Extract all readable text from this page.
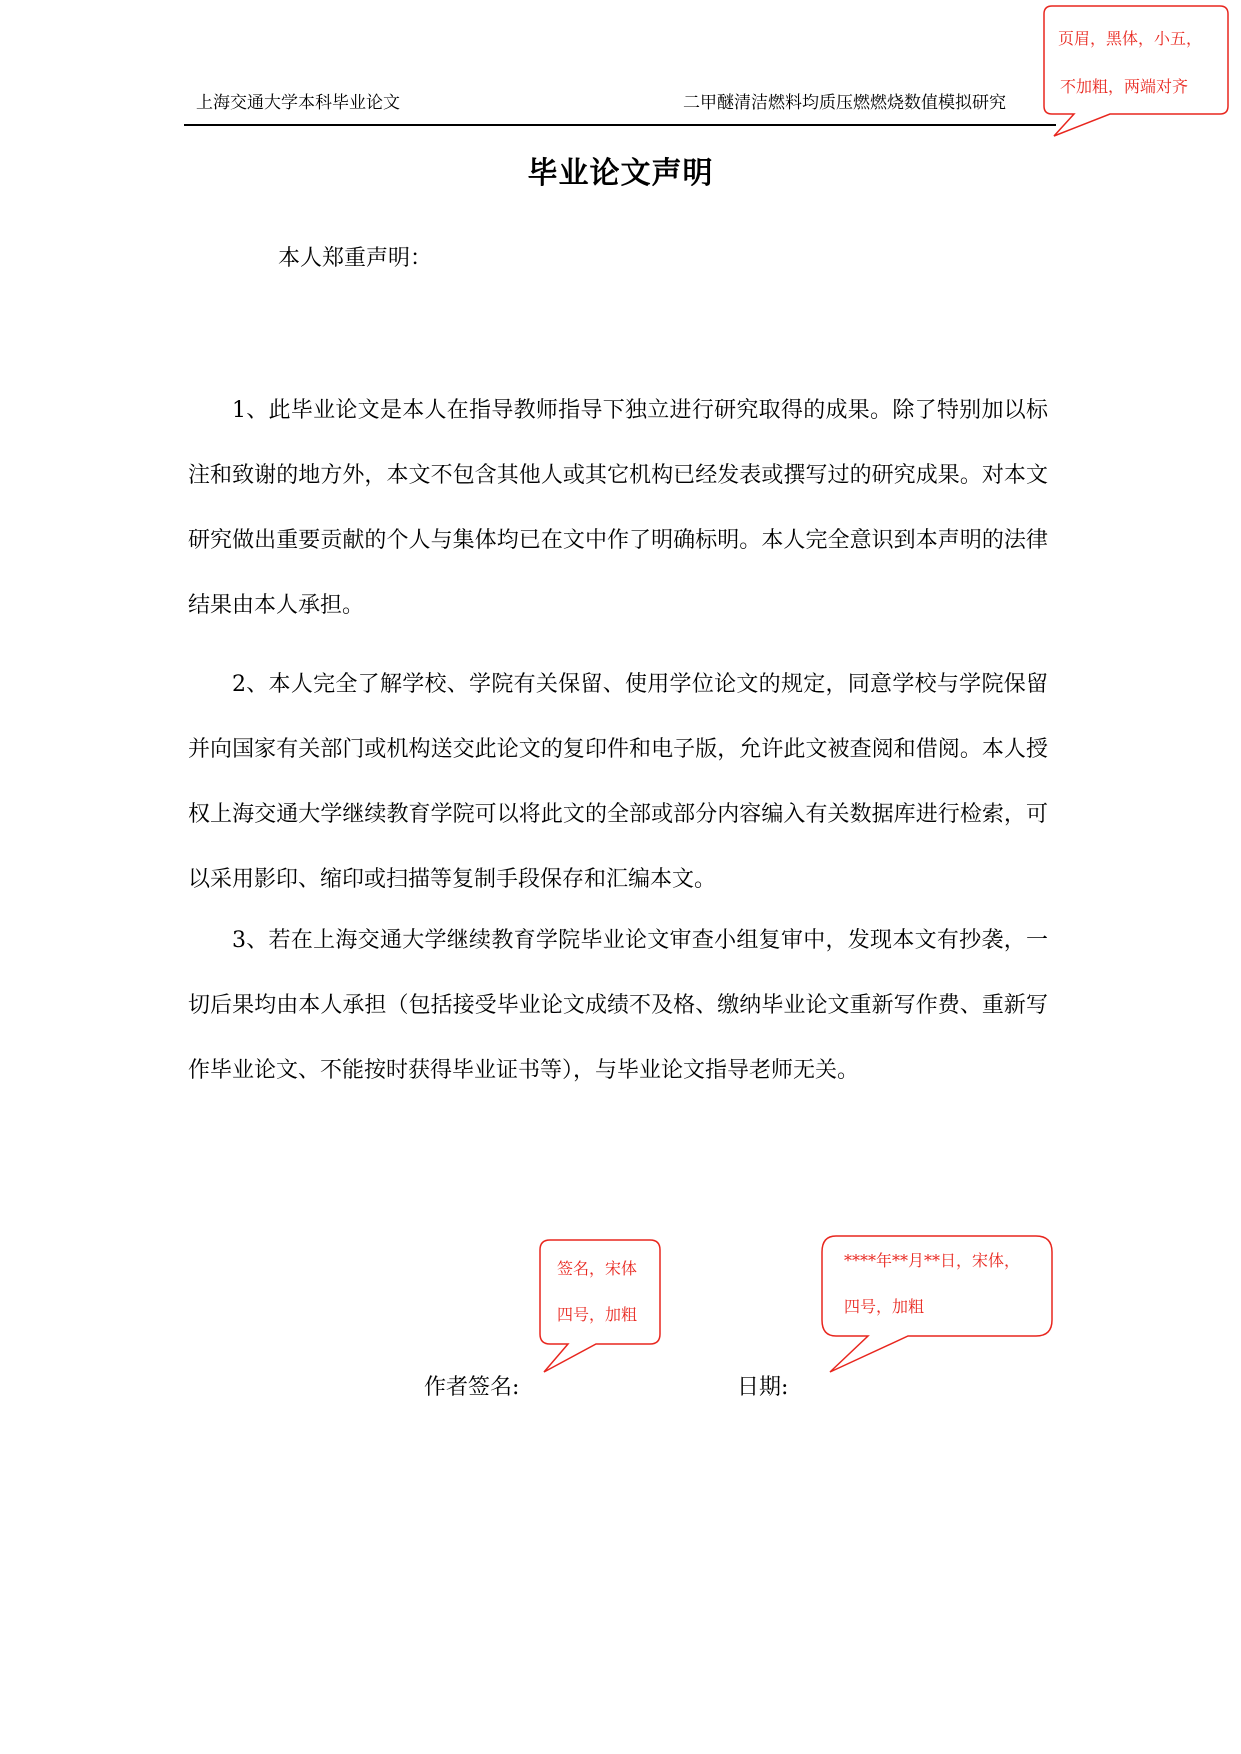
上海交通大学本科毕业论文	二甲醚清洁燃料均质压燃燃烧数值模拟研究
毕业论文声明
本人郑重声明：

1、此毕业论文是本人在指导教师指导下独立进行研究取得的成果。除了特别加以标注和致谢的地方外，本文不包含其他人或其它机构已经发表或撰写过的研究成果。对本文研究做出重要贡献的个人与集体均已在文中作了明确标明。本人完全意识到本声明的法律结果由本人承担。

2、本人完全了解学校、学院有关保留、使用学位论文的规定，同意学校与学院保留并向国家有关部门或机构送交此论文的复印件和电子版，允许此文被查阅和借阅。本人授权上海交通大学继续教育学院可以将此文的全部或部分内容编入有关数据库进行检索，可以采用影印、缩印或扫描等复制手段保存和汇编本文。

3、若在上海交通大学继续教育学院毕业论文审查小组复审中，发现本文有抄袭，一切后果均由本人承担（包括接受毕业论文成绩不及格、缴纳毕业论文重新写作费、重新写作毕业论文、不能按时获得毕业证书等），与毕业论文指导老师无关。

作者签名:	日期:
页眉，黑体，小五，
不加粗，两端对齐
签名，宋体
四号，加粗
****年**月**日，宋体，
四号，加粗
